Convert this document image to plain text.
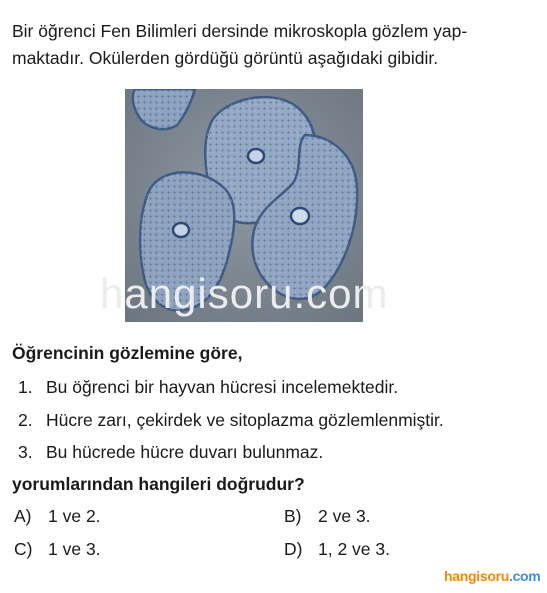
Bir öğrenci Fen Bilimleri dersinde mikroskopla gözlem yap-
maktadır. Okülerden gördüğü görüntü aşağıdaki gibidir.
hangisoru.com
Öğrencinin gözlemine göre,
1. Bu öğrenci bir hayvan hücresi incelemektedir.
2. Hücre zarı, çekirdek ve sitoplazma gözlemlenmiştir.
3. Bu hücrede hücre duvarı bulunmaz.
yorumlarından hangileri doğrudur?
A) 1 ve 2.	B) 2 ve 3.
C) 1 ve 3.	D) 1, 2 ve 3.
hangisoru.com
